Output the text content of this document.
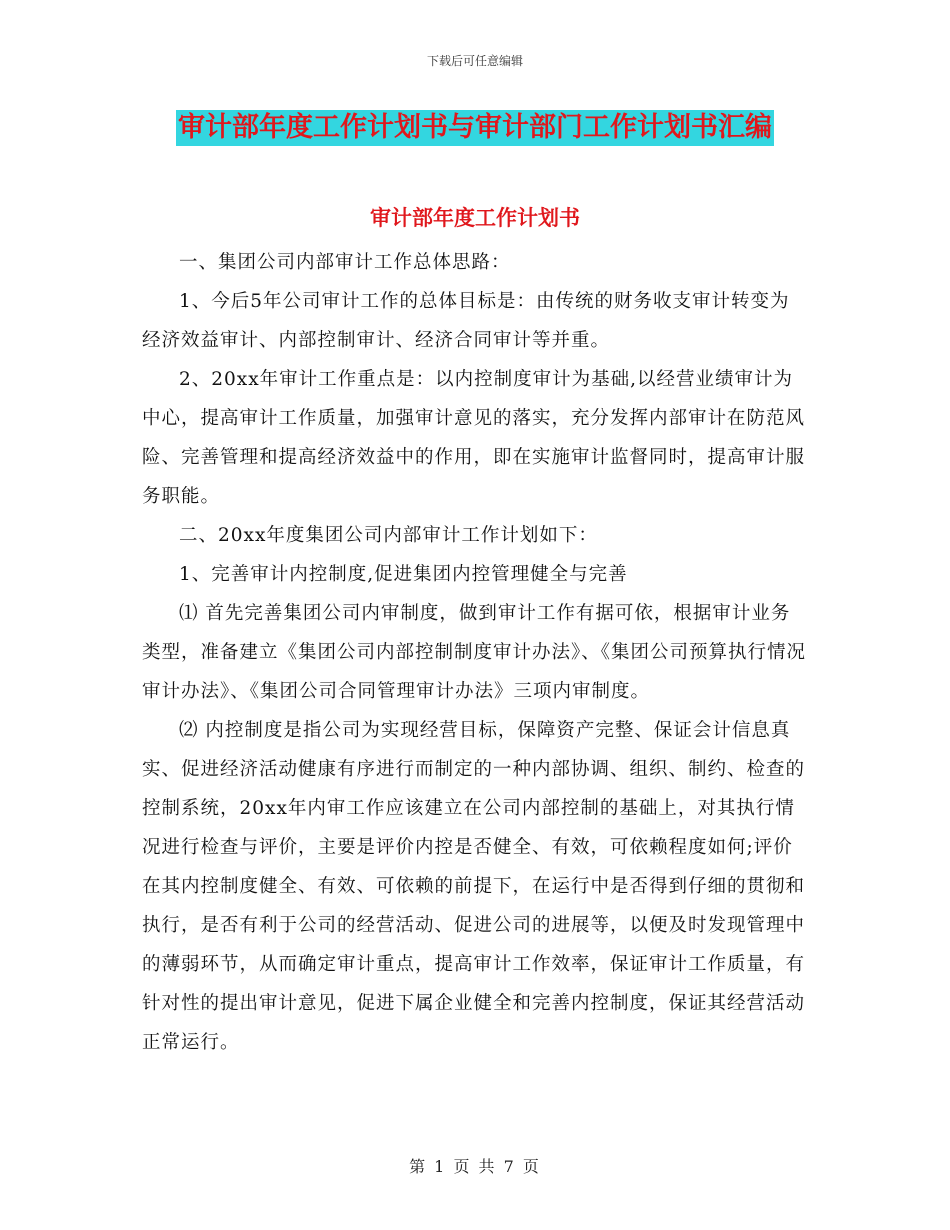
下载后可任意编辑
审计部年度工作计划书与审计部门工作计划书汇编
审计部年度工作计划书

一、集团公司内部审计工作总体思路：

1、今后5年公司审计工作的总体目标是：由传统的财务收支审计转变为经济效益审计、内部控制审计、经济合同审计等并重。

2、20xx年审计工作重点是：以内控制度审计为基础,以经营业绩审计为中心，提高审计工作质量，加强审计意见的落实，充分发挥内部审计在防范风险、完善管理和提高经济效益中的作用，即在实施审计监督同时，提高审计服务职能。

二、20xx年度集团公司内部审计工作计划如下：

1、完善审计内控制度,促进集团内控管理健全与完善

⑴ 首先完善集团公司内审制度，做到审计工作有据可依，根据审计业务类型，准备建立《集团公司内部控制制度审计办法》、《集团公司预算执行情况审计办法》、《集团公司合同管理审计办法》三项内审制度。

⑵ 内控制度是指公司为实现经营目标，保障资产完整、保证会计信息真实、促进经济活动健康有序进行而制定的一种内部协调、组织、制约、检查的控制系统，20xx年内审工作应该建立在公司内部控制的基础上，对其执行情况进行检查与评价，主要是评价内控是否健全、有效，可依赖程度如何;评价在其内控制度健全、有效、可依赖的前提下，在运行中是否得到仔细的贯彻和执行，是否有利于公司的经营活动、促进公司的进展等，以便及时发现管理中的薄弱环节，从而确定审计重点，提高审计工作效率，保证审计工作质量，有针对性的提出审计意见，促进下属企业健全和完善内控制度，保证其经营活动正常运行。

第 1 页 共 7 页
